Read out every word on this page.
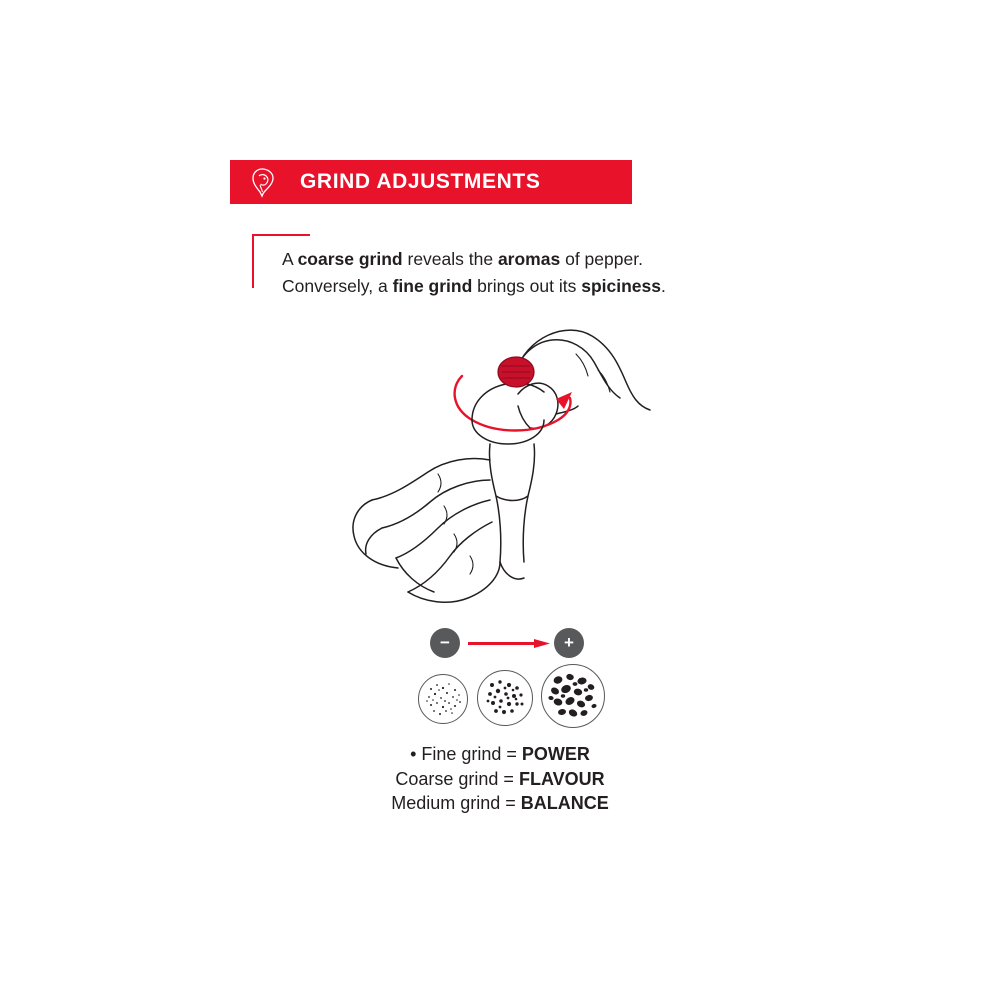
GRIND ADJUSTMENTS
A coarse grind reveals the aromas of pepper.
Conversely, a fine grind brings out its spiciness.
−	+
• Fine grind = POWER
Coarse grind = FLAVOUR
Medium grind = BALANCE
